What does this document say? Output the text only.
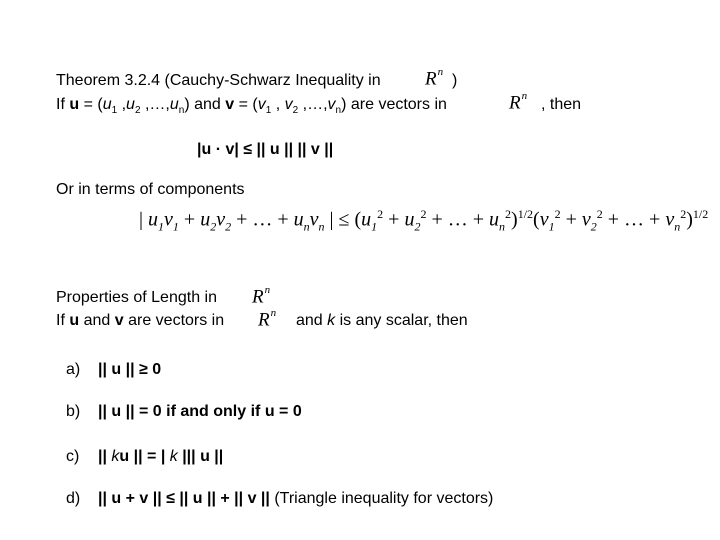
Theorem 3.2.4 (Cauchy-Schwarz Inequality in $R^n$ )
If $u = (u_1$ $,u_2$ $,\dots,u_n$) and $v = (v_1$ , $v_2$ $,\dots,v_n$) are vectors in	$R^n$ , then
|u · v| ≤ || u || || v ||
Or in terms of components
| $u_1v_1 + u_2v_2$ + … + $u_nv_n$ | ≤ ($u_1^2 + u_2^2$ + … + $u_n^2)^{1/2}(v_1^2 + v_2^2$ + … + $v_n^2)^{1/2}$
Properties of Length in $R^n$
If u and v are vectors in $R^n$ and k is any scalar, then
a) || u || ≥ 0
b) || u || = 0 if and only if u = 0
c) || ku || = | k ||| u ||
d) || u + v || ≤ || u || + || v || (Triangle inequality for vectors)
